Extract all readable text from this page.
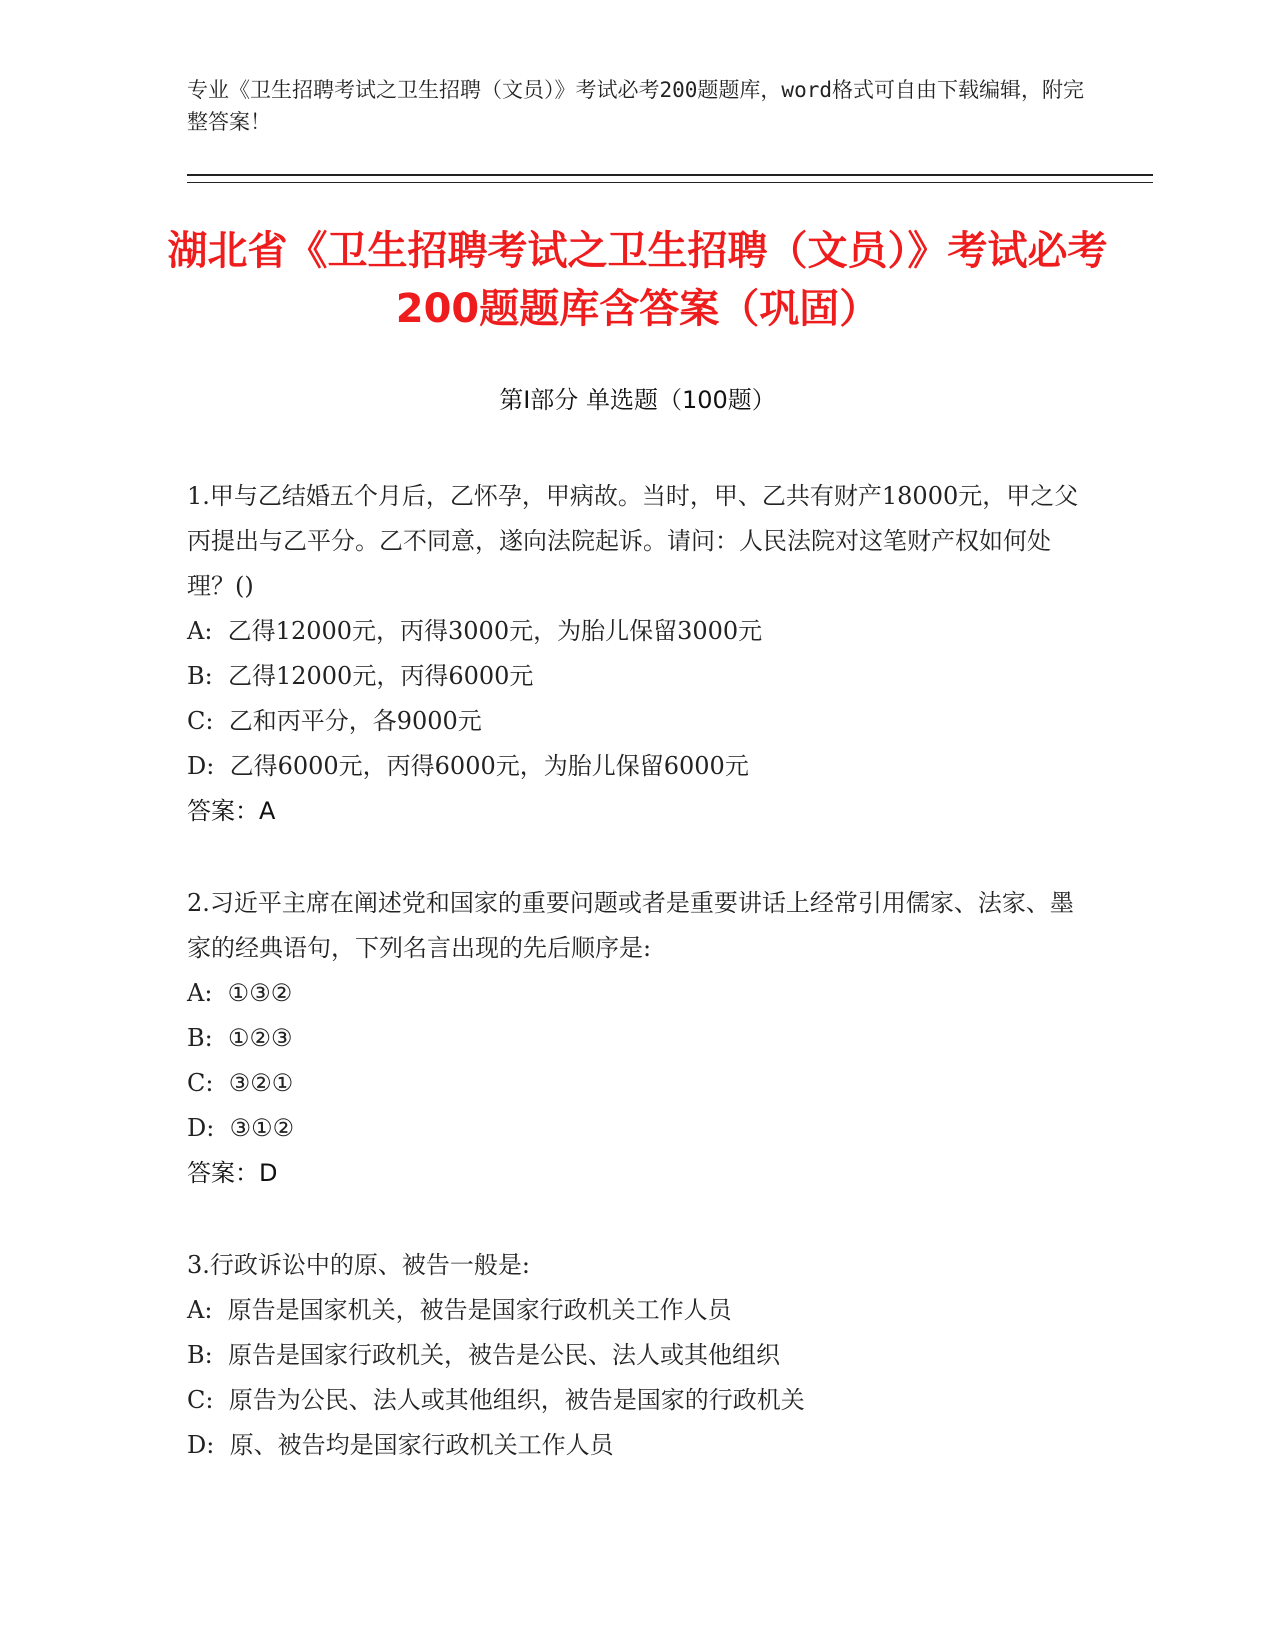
专业《卫生招聘考试之卫生招聘（文员）》考试必考200题题库，word格式可自由下载编辑，附完整答案！
湖北省《卫生招聘考试之卫生招聘（文员）》考试必考200题题库含答案（巩固）
第Ⅰ部分 单选题（100题）
1.甲与乙结婚五个月后，乙怀孕，甲病故。当时，甲、乙共有财产18000元，甲之父丙提出与乙平分。乙不同意，遂向法院起诉。请问：人民法院对这笔财产权如何处理？()
A:  乙得12000元，丙得3000元，为胎儿保留3000元
B:  乙得12000元，丙得6000元
C:  乙和丙平分，各9000元
D:  乙得6000元，丙得6000元，为胎儿保留6000元
答案：A
2.习近平主席在阐述党和国家的重要问题或者是重要讲话上经常引用儒家、法家、墨家的经典语句，下列名言出现的先后顺序是:
A:  ①③②
B:  ①②③
C:  ③②①
D:  ③①②
答案：D
3.行政诉讼中的原、被告一般是:
A:  原告是国家机关，被告是国家行政机关工作人员
B:  原告是国家行政机关，被告是公民、法人或其他组织
C:  原告为公民、法人或其他组织，被告是国家的行政机关
D:  原、被告均是国家行政机关工作人员
